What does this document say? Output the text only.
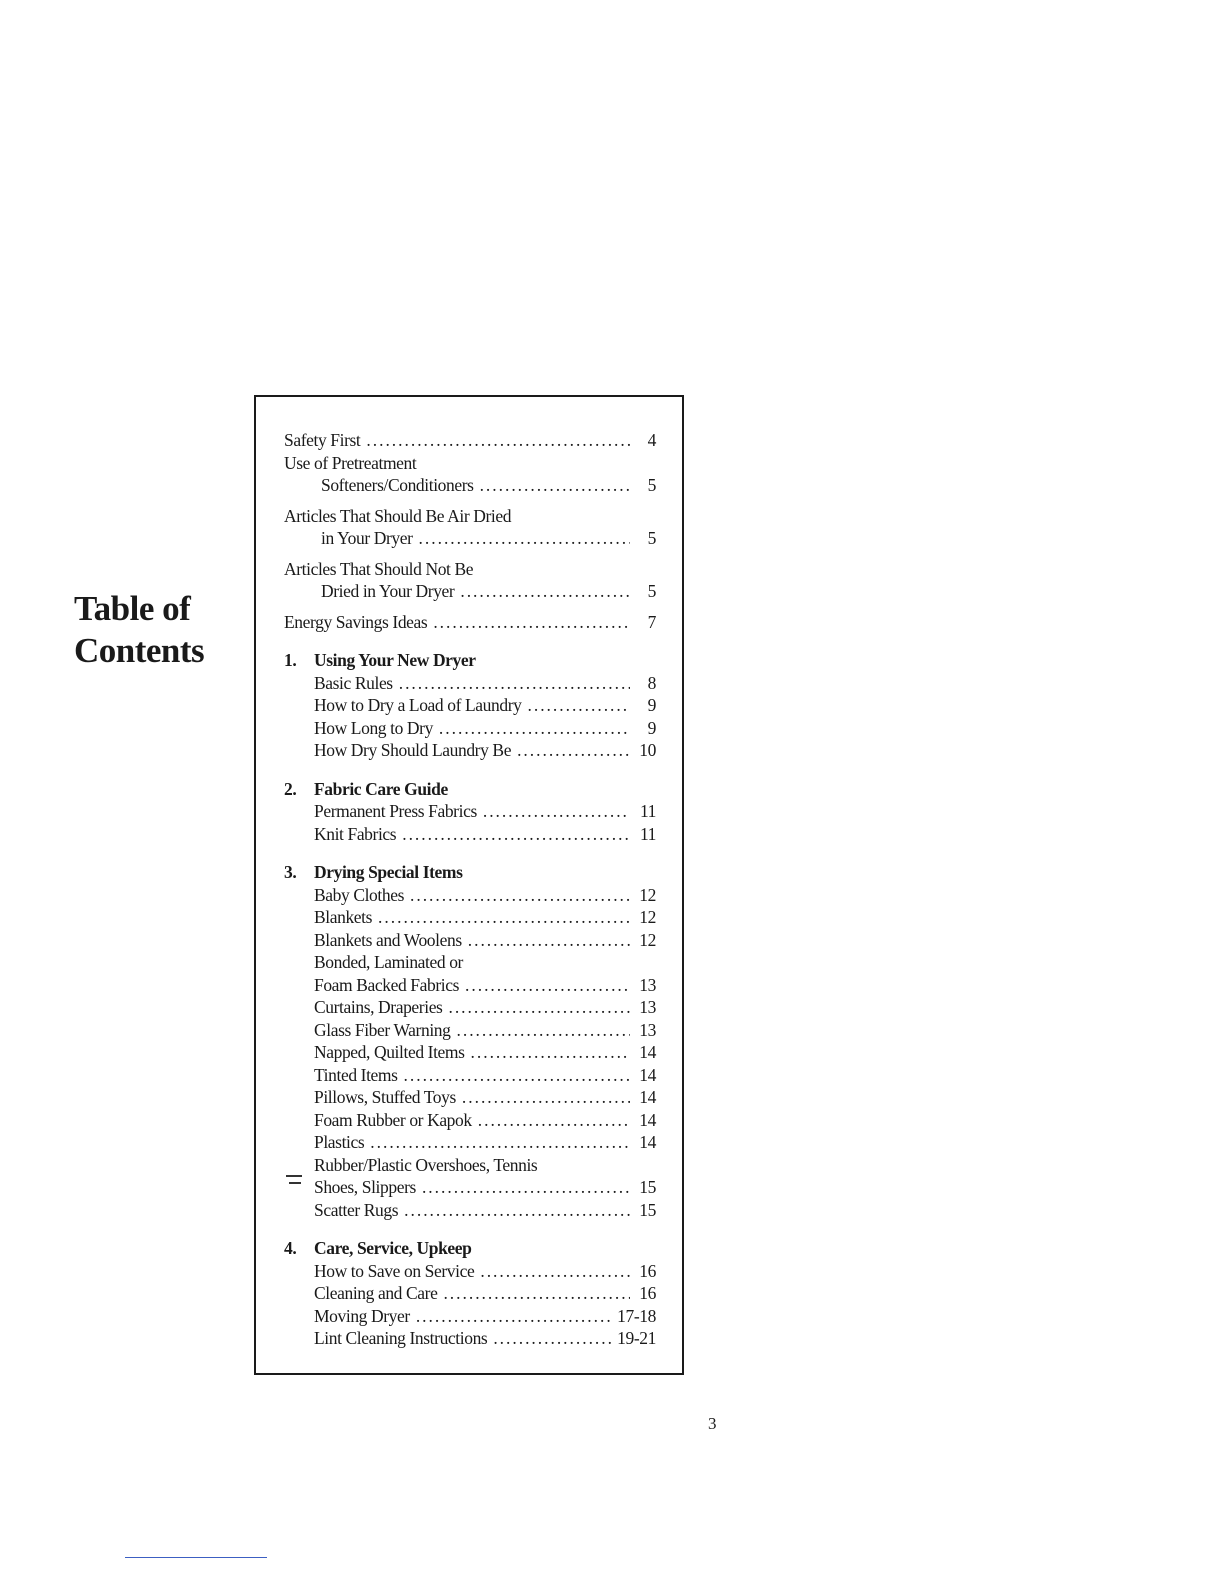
Table of
Contents
Safety First . . .	4
Use of Pretreatment
Softeners/Conditioners . . .	5
Articles That Should Be Air Dried
in Your Dryer . . .	5
Articles That Should Not Be
Dried in Your Dryer . . .	5
Energy Savings Ideas . . .	7
1.	Using Your New Dryer
Basic Rules . . .	8
How to Dry a Load of Laundry . . .	9
How Long to Dry . . .	9
How Dry Should Laundry Be . . .	10
2.	Fabric Care Guide
Permanent Press Fabrics . . .	11
Knit Fabrics . . .	11
3.	Drying Special Items
Baby Clothes . . .	12
Blankets . . .	12
Blankets and Woolens . . .	12
Bonded, Laminated or
Foam Backed Fabrics . . .	13
Curtains, Draperies . . .	13
Glass Fiber Warning . . .	13
Napped, Quilted Items . . .	14
Tinted Items . . .	14
Pillows, Stuffed Toys . . .	14
Foam Rubber or Kapok . . .	14
Plastics . . .	14
Rubber/Plastic Overshoes, Tennis
Shoes, Slippers . . .	15
Scatter Rugs . . .	15
4.	Care, Service, Upkeep
How to Save on Service . . .	16
Cleaning and Care . . .	16
Moving Dryer . . .	17-18
Lint Cleaning Instructions . . .	19-21
3
